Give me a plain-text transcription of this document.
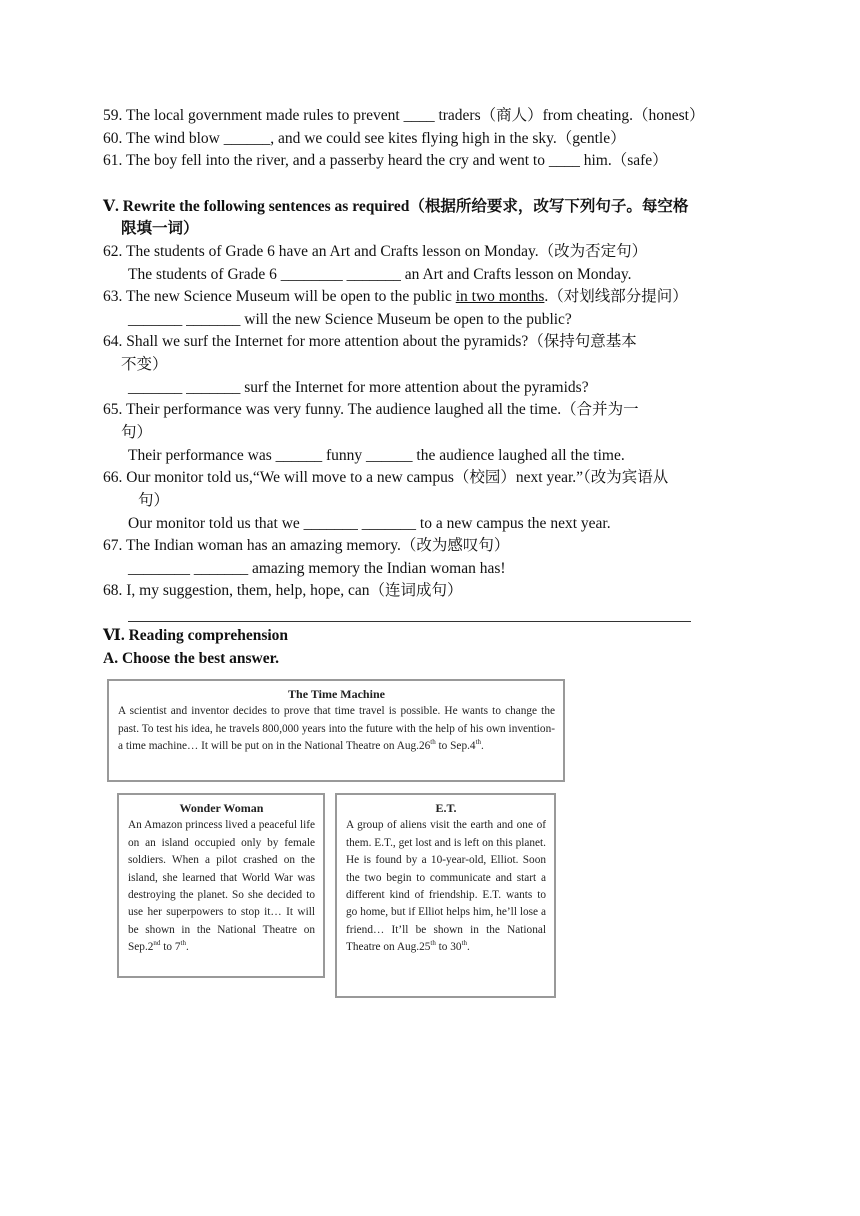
59. The local government made rules to prevent ____ traders（商人）from cheating.（honest）
60. The wind blow ______, and we could see kites flying high in the sky.（gentle）
61. The boy fell into the river, and a passerby heard the cry and went to ____ him.（safe）
Ⅴ. Rewrite the following sentences as required（根据所给要求，改写下列句子。每空格
限填一词）
62. The students of Grade 6 have an Art and Crafts lesson on Monday.（改为否定句）
The students of Grade 6 ________ _______ an Art and Crafts lesson on Monday.
63. The new Science Museum will be open to the public in two months.（对划线部分提问）
_______ _______ will the new Science Museum be open to the public?
64. Shall we surf the Internet for more attention about the pyramids?（保持句意基本
不变）
_______ _______ surf the Internet for more attention about the pyramids?
65. Their performance was very funny. The audience laughed all the time.（合并为一
句）
Their performance was ______ funny ______ the audience laughed all the time.
66. Our monitor told us,“We will move to a new campus（校园）next year.”（改为宾语从
句）
Our monitor told us that we _______ _______ to a new campus the next year.
67. The Indian woman has an amazing memory.（改为感叹句）
________ _______ amazing memory the Indian woman has!
68. I, my suggestion, them, help, hope, can（连词成句）
Ⅵ. Reading comprehension
A. Choose the best answer.
The Time Machine
A scientist and inventor decides to prove that time travel is possible. He wants to change the past. To test his idea, he travels 800,000 years into the future with the help of his own invention-a time machine… It will be put on in the National Theatre on Aug.26th to Sep.4th.
Wonder Woman
An Amazon princess lived a peaceful life on an island occupied only by female soldiers. When a pilot crashed on the island, she learned that World War was destroying the planet. So she decided to use her superpowers to stop it… It will be shown in the National Theatre on Sep.2nd to 7th.
E.T.
A group of aliens visit the earth and one of them. E.T., get lost and is left on this planet. He is found by a 10-year-old, Elliot. Soon the two begin to communicate and start a different kind of friendship. E.T. wants to go home, but if Elliot helps him, he’ll lose a friend… It’ll be shown in the National Theatre on Aug.25th to 30th.
